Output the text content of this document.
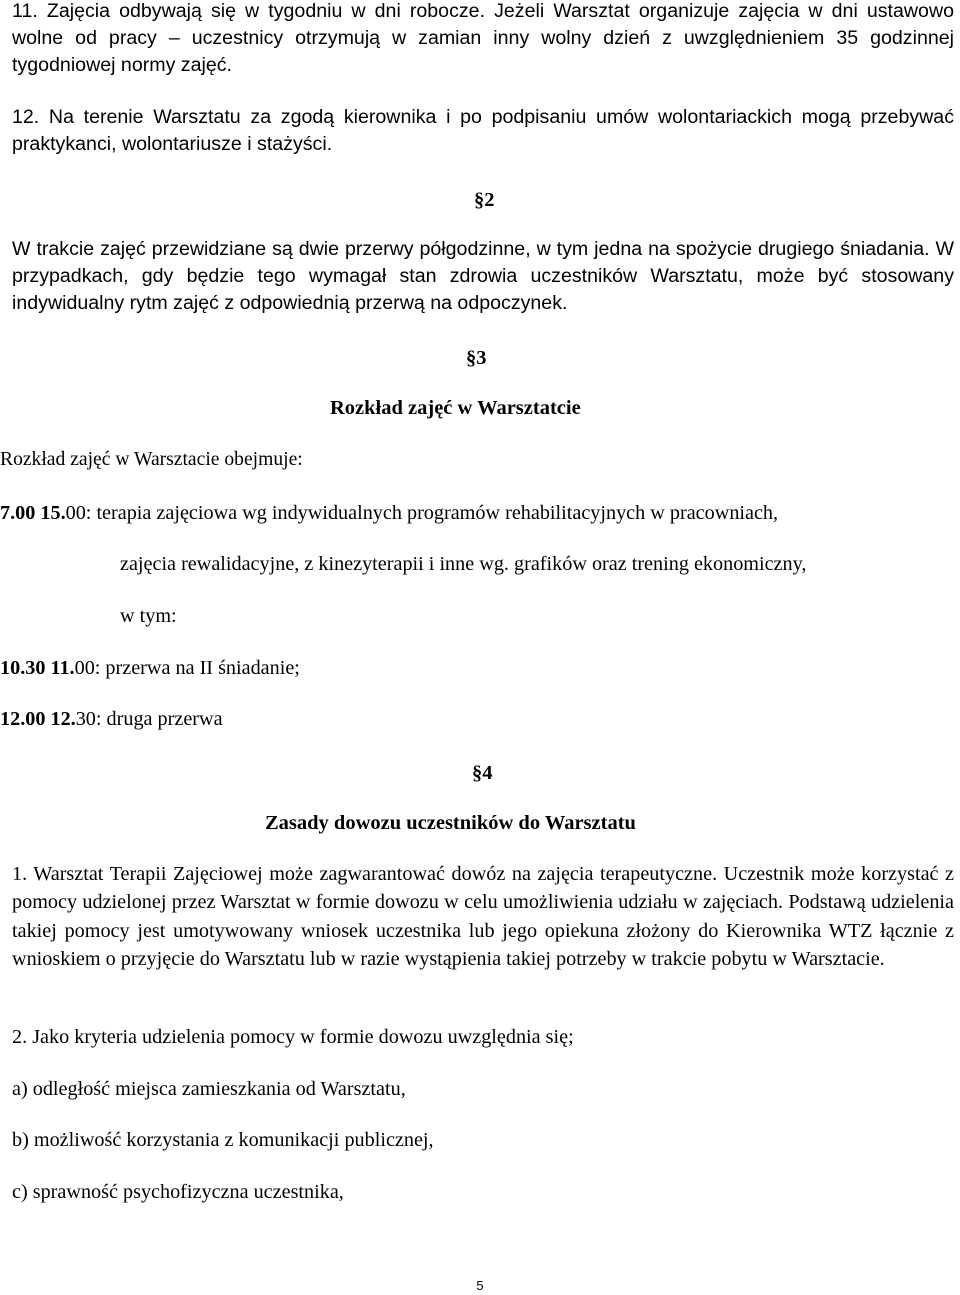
11. Zajęcia odbywają się w tygodniu w dni robocze. Jeżeli Warsztat organizuje zajęcia w dni ustawowo wolne od pracy – uczestnicy otrzymują w zamian inny wolny dzień z uwzględnieniem 35 godzinnej tygodniowej normy zajęć.

12. Na terenie Warsztatu za zgodą kierownika i po podpisaniu umów wolontariackich mogą przebywać praktykanci, wolontariusze i stażyści.

§2

W trakcie zajęć przewidziane są dwie przerwy półgodzinne, w tym jedna na spożycie drugiego śniadania. W przypadkach, gdy będzie tego wymagał stan zdrowia uczestników Warsztatu, może być stosowany indywidualny rytm zajęć z odpowiednią przerwą na odpoczynek.

§3

Rozkład zajęć w Warsztatcie

Rozkład zajęć w Warsztacie obejmuje:

7.00 15.00: terapia zajęciowa wg indywidualnych programów rehabilitacyjnych w pracowniach,

zajęcia rewalidacyjne, z kinezyterapii i inne wg. grafików oraz trening ekonomiczny,

w tym:

10.30 11.00: przerwa na II śniadanie;

12.00 12.30: druga przerwa

§4

Zasady dowozu uczestników do Warsztatu

1. Warsztat Terapii Zajęciowej może zagwarantować dowóz na zajęcia terapeutyczne. Uczestnik może korzystać z pomocy udzielonej przez Warsztat w formie dowozu w celu umożliwienia udziału w zajęciach. Podstawą udzielenia takiej pomocy jest umotywowany wniosek uczestnika lub jego opiekuna złożony do Kierownika WTZ łącznie z wnioskiem o przyjęcie do Warsztatu lub w razie wystąpienia takiej potrzeby w trakcie pobytu w Warsztacie.

2. Jako kryteria udzielenia pomocy w formie dowozu uwzględnia się;

a) odległość miejsca zamieszkania od Warsztatu,

b) możliwość korzystania z komunikacji publicznej,

c) sprawność psychofizyczna uczestnika,

5
